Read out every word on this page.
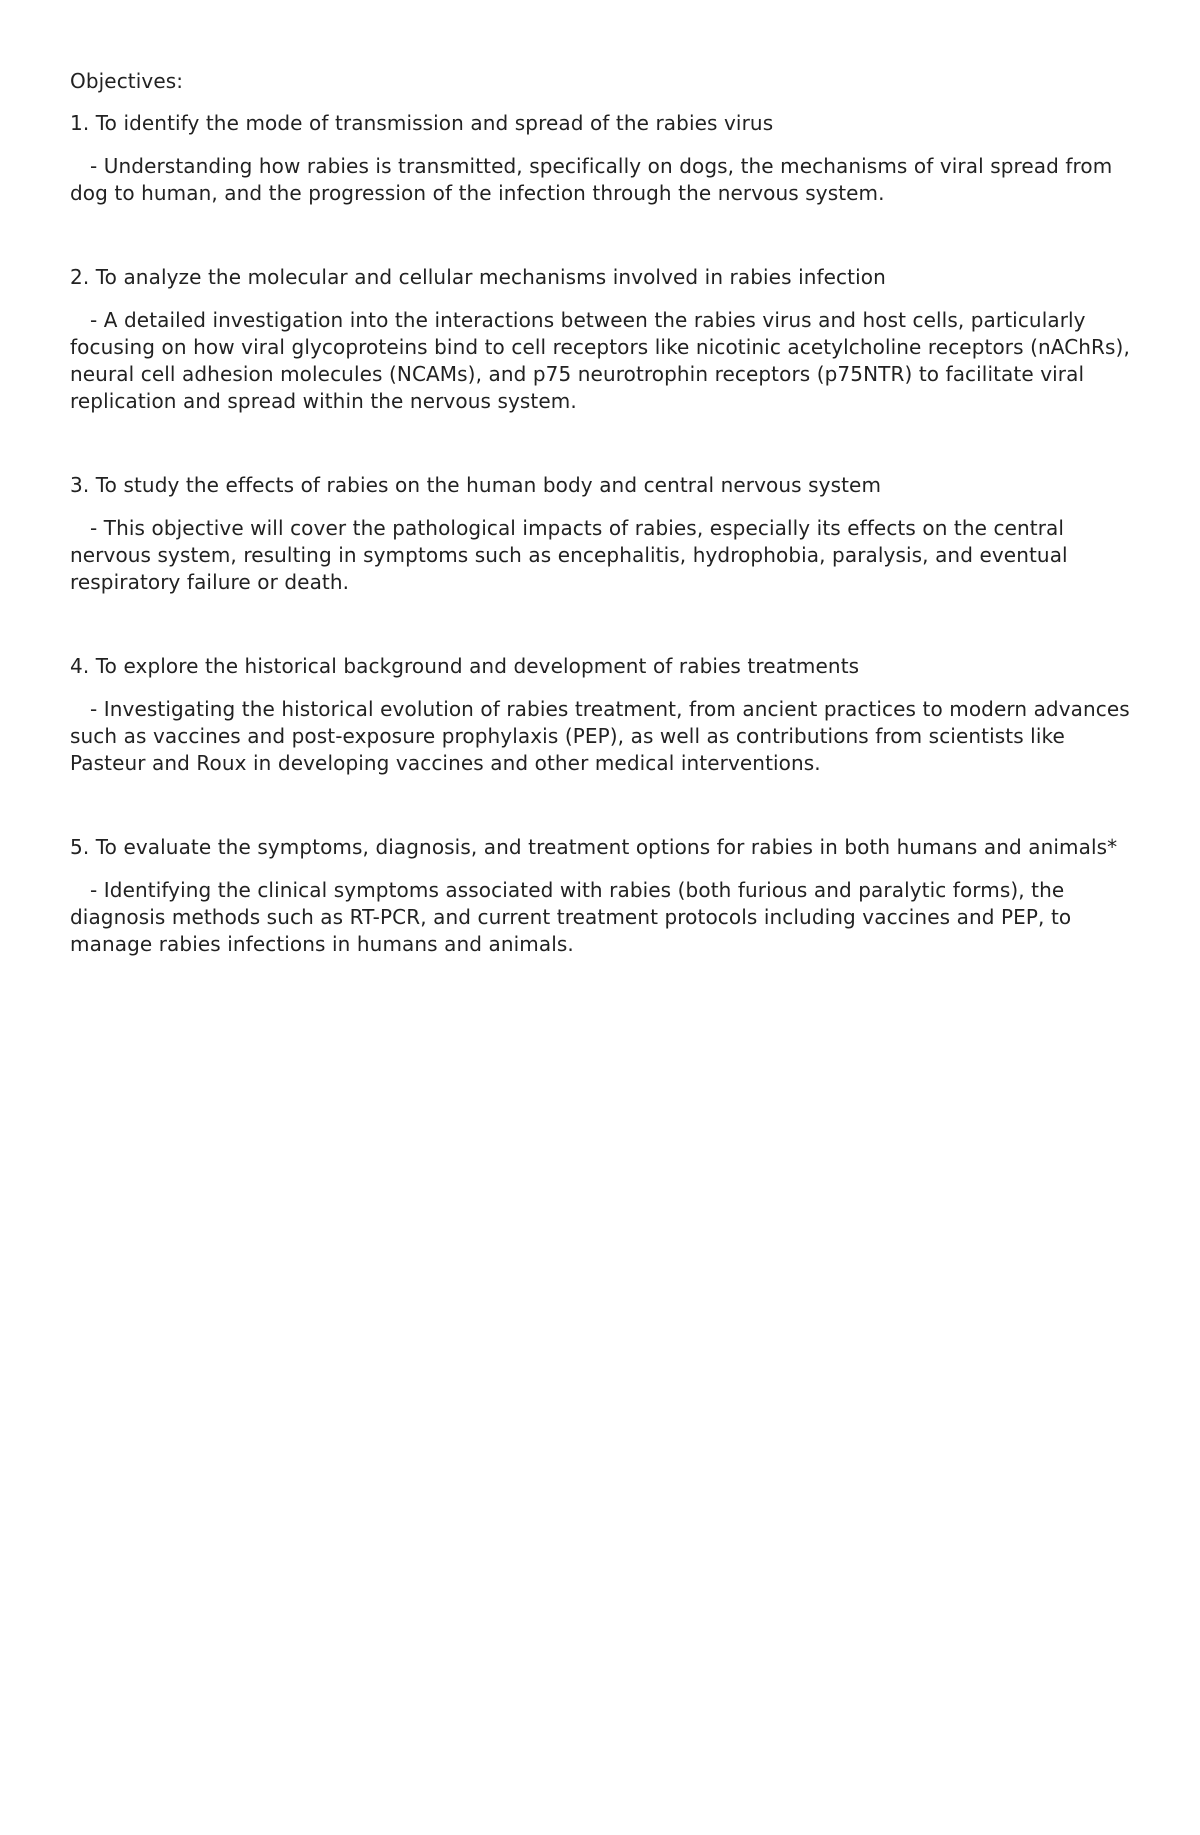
Objectives:

1. To identify the mode of transmission and spread of the rabies virus

- Understanding how rabies is transmitted, specifically on dogs, the mechanisms of viral spread from dog to human, and the progression of the infection through the nervous system.

2. To analyze the molecular and cellular mechanisms involved in rabies infection

- A detailed investigation into the interactions between the rabies virus and host cells, particularly focusing on how viral glycoproteins bind to cell receptors like nicotinic acetylcholine receptors (nAChRs), neural cell adhesion molecules (NCAMs), and p75 neurotrophin receptors (p75NTR) to facilitate viral replication and spread within the nervous system.

3. To study the effects of rabies on the human body and central nervous system

- This objective will cover the pathological impacts of rabies, especially its effects on the central nervous system, resulting in symptoms such as encephalitis, hydrophobia, paralysis, and eventual respiratory failure or death.

4. To explore the historical background and development of rabies treatments

- Investigating the historical evolution of rabies treatment, from ancient practices to modern advances such as vaccines and post-exposure prophylaxis (PEP), as well as contributions from scientists like Pasteur and Roux in developing vaccines and other medical interventions.

5. To evaluate the symptoms, diagnosis, and treatment options for rabies in both humans and animals*

- Identifying the clinical symptoms associated with rabies (both furious and paralytic forms), the diagnosis methods such as RT-PCR, and current treatment protocols including vaccines and PEP, to manage rabies infections in humans and animals.
